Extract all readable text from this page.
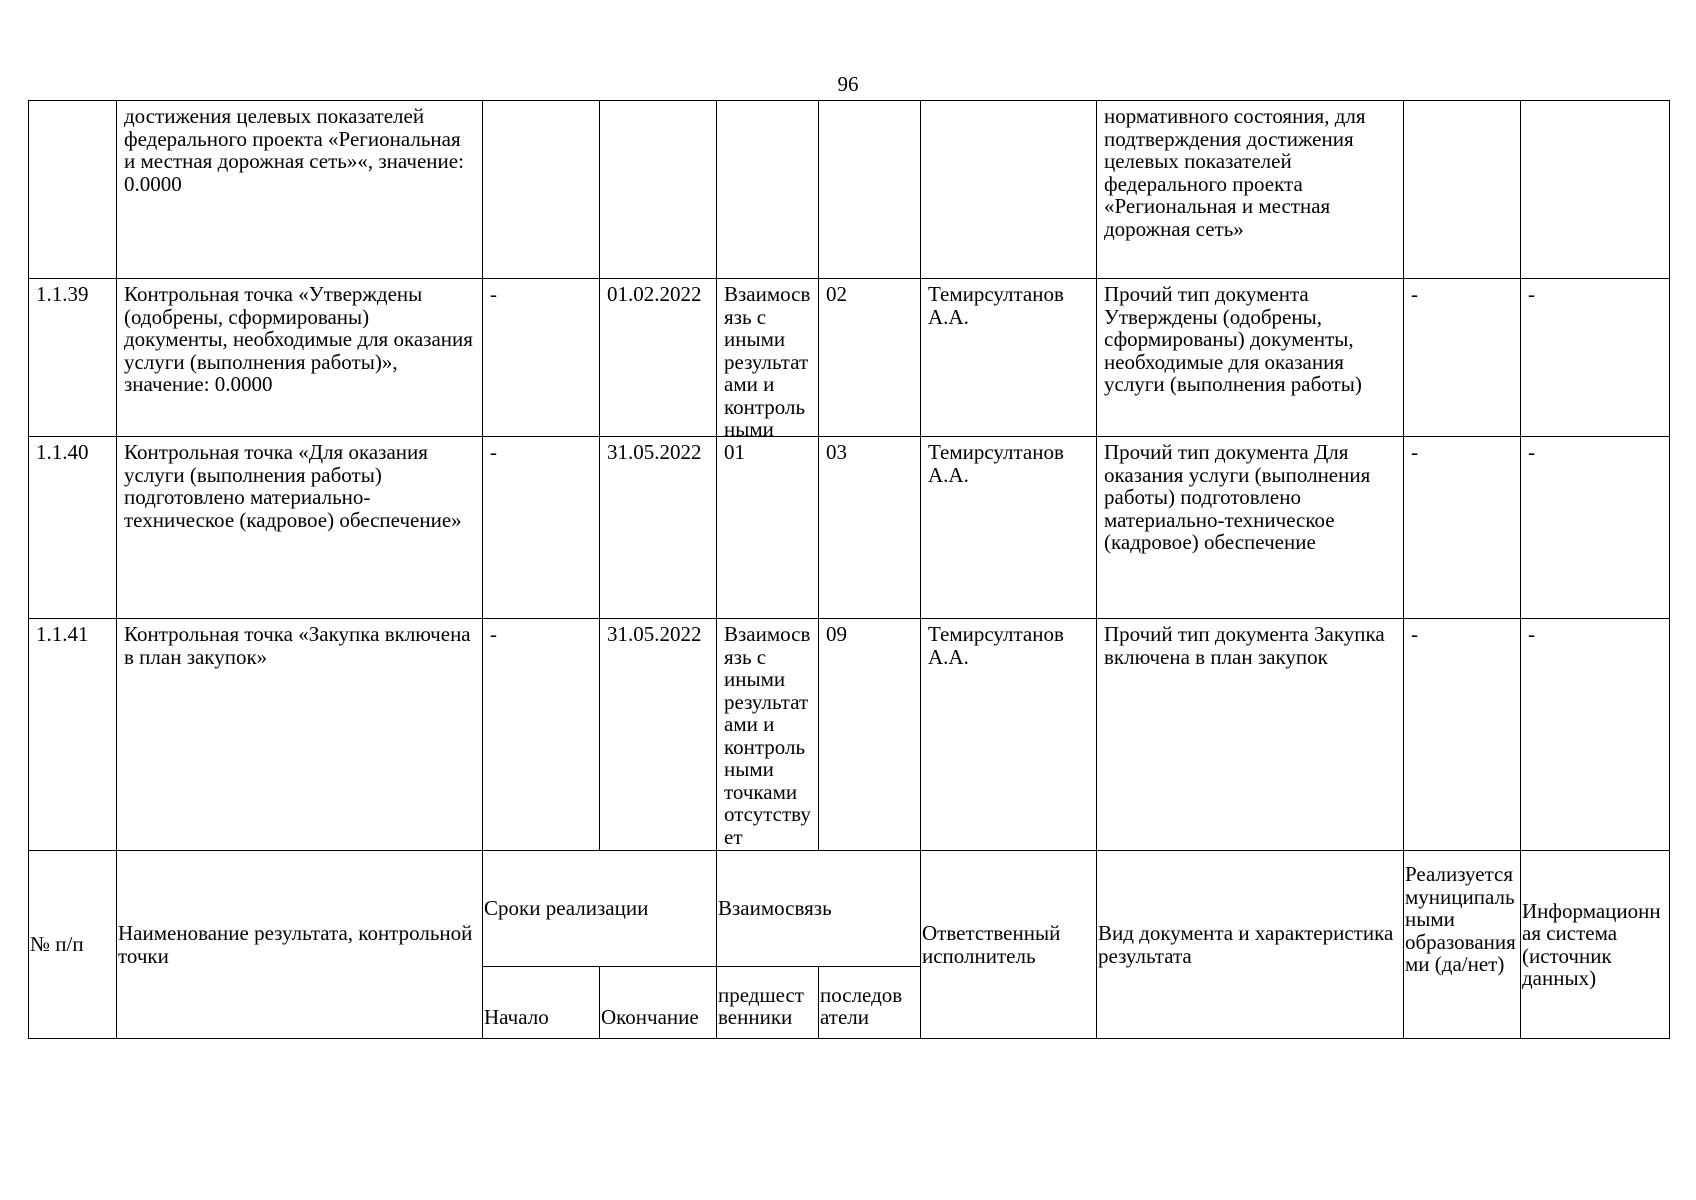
96
	достижения целевых показателей федерального проекта «Региональная и местная дорожная сеть»«, значение: 0.0000						нормативного состояния, для подтверждения достижения целевых показателей федерального проекта «Региональная и местная дорожная сеть»		
1.1.39	Контрольная точка «Утверждены (одобрены, сформированы) документы, необходимые для оказания услуги (выполнения работы)», значение: 0.0000	-	01.02.2022	Взаимосвязь с иными результатами и контрольными	02	Темирсултанов А.А.	Прочий тип документа Утверждены (одобрены, сформированы) документы, необходимые для оказания услуги (выполнения работы)	-	-
1.1.40	Контрольная точка «Для оказания услуги (выполнения работы) подготовлено материально-техническое (кадровое) обеспечение»	-	31.05.2022	01	03	Темирсултанов А.А.	Прочий тип документа Для оказания услуги (выполнения работы) подготовлено материально-техническое (кадровое) обеспечение	-	-
1.1.41	Контрольная точка «Закупка включена в план закупок»	-	31.05.2022	Взаимосвязь с иными результатами и контрольными точками отсутствует	09	Темирсултанов А.А.	Прочий тип документа Закупка включена в план закупок	-	-
№ п/п	Наименование результата, контрольной точки	Сроки реализации		Взаимосвязь		Ответственный исполнитель	Вид документа и характеристика результата	Реализуется муниципальными образованиями (да/нет)	Информационная система (источник данных)
		Начало	Окончание	предшест венники	последов атели				
